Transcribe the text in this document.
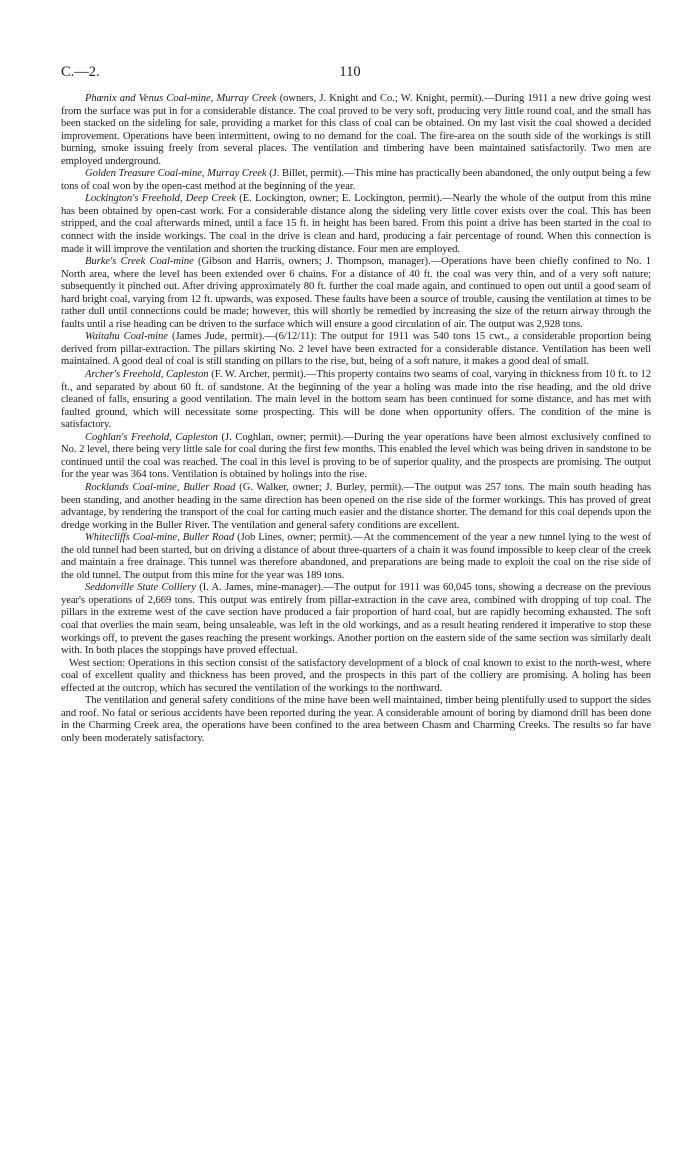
C.—2.	110

Phœnix and Venus Coal-mine, Murray Creek (owners, J. Knight and Co.; W. Knight, permit).—During 1911 a new drive going west from the surface was put in for a considerable distance. The coal proved to be very soft, producing very little round coal, and the small has been stacked on the sideling for sale, providing a market for this class of coal can be obtained. On my last visit the coal showed a decided improvement. Operations have been intermittent, owing to no demand for the coal. The fire-area on the south side of the workings is still burning, smoke issuing freely from several places. The ventilation and timbering have been maintained satisfactorily. Two men are employed underground.

Golden Treasure Coal-mine, Murray Creek (J. Billet, permit).—This mine has practically been abandoned, the only output being a few tons of coal won by the open-cast method at the beginning of the year.

Lockington's Freehold, Deep Creek (E. Lockington, owner; E. Lockington, permit).—Nearly the whole of the output from this mine has been obtained by open-cast work. For a considerable distance along the sideling very little cover exists over the coal. This has been stripped, and the coal afterwards mined, until a face 15 ft. in height has been bared. From this point a drive has been started in the coal to connect with the inside workings. The coal in the drive is clean and hard, producing a fair percentage of round. When this connection is made it will improve the ventilation and shorten the trucking distance. Four men are employed.

Burke's Creek Coal-mine (Gibson and Harris, owners; J. Thompson, manager).—Operations have been chiefly confined to No. 1 North area, where the level has been extended over 6 chains. For a distance of 40 ft. the coal was very thin, and of a very soft nature; subsequently it pinched out. After driving approximately 80 ft. further the coal made again, and continued to open out until a good seam of hard bright coal, varying from 12 ft. upwards, was exposed. These faults have been a source of trouble, causing the ventilation at times to be rather dull until connections could be made; however, this will shortly be remedied by increasing the size of the return airway through the faults until a rise heading can be driven to the surface which will ensure a good circulation of air. The output was 2,928 tons.

Waitahu Coal-mine (James Jude, permit).—(6/12/11): The output for 1911 was 540 tons 15 cwt., a considerable proportion being derived from pillar-extraction. The pillars skirting No. 2 level have been extracted for a considerable distance. Ventilation has been well maintained. A good deal of coal is still standing on pillars to the rise, but, being of a soft nature, it makes a good deal of small.

Archer's Freehold, Capleston (F. W. Archer, permit).—This property contains two seams of coal, varying in thickness from 10 ft. to 12 ft., and separated by about 60 ft. of sandstone. At the beginning of the year a holing was made into the rise heading, and the old drive cleaned of falls, ensuring a good ventilation. The main level in the bottom seam has been continued for some distance, and has met with faulted ground, which will necessitate some prospecting. This will be done when opportunity offers. The condition of the mine is satisfactory.

Coghlan's Freehold, Capleston (J. Coghlan, owner; permit).—During the year operations have been almost exclusively confined to No. 2 level, there being very little sale for coal during the first few months. This enabled the level which was being driven in sandstone to be continued until the coal was reached. The coal in this level is proving to be of superior quality, and the prospects are promising. The output for the year was 364 tons. Ventilation is obtained by holings into the rise.

Rocklands Coal-mine, Buller Road (G. Walker, owner; J. Burley, permit).—The output was 257 tons. The main south heading has been standing, and another heading in the same direction has been opened on the rise side of the former workings. This has proved of great advantage, by rendering the transport of the coal for carting much easier and the distance shorter. The demand for this coal depends upon the dredge working in the Buller River. The ventilation and general safety conditions are excellent.

Whitecliffs Coal-mine, Buller Road (Job Lines, owner; permit).—At the commencement of the year a new tunnel lying to the west of the old tunnel had been started, but on driving a distance of about three-quarters of a chain it was found impossible to keep clear of the creek and maintain a free drainage. This tunnel was therefore abandoned, and preparations are being made to exploit the coal on the rise side of the old tunnel. The output from this mine for the year was 189 tons.

Seddonville State Colliery (I. A. James, mine-manager).—The output for 1911 was 60,045 tons, showing a decrease on the previous year's operations of 2,669 tons. This output was entirely from pillar-extraction in the cave area, combined with dropping of top coal. The pillars in the extreme west of the cave section have produced a fair proportion of hard coal, but are rapidly becoming exhausted. The soft coal that overlies the main seam, being unsaleable, was left in the old workings, and as a result heating rendered it imperative to stop these workings off, to prevent the gases reaching the present workings. Another portion on the eastern side of the same section was similarly dealt with. In both places the stoppings have proved effectual.

West section: Operations in this section consist of the satisfactory development of a block of coal known to exist to the north-west, where coal of excellent quality and thickness has been proved, and the prospects in this part of the colliery are promising. A holing has been effected at the outcrop, which has secured the ventilation of the workings to the northward.

The ventilation and general safety conditions of the mine have been well maintained, timber being plentifully used to support the sides and roof. No fatal or serious accidents have been reported during the year. A considerable amount of boring by diamond drill has been done in the Charming Creek area, the operations have been confined to the area between Chasm and Charming Creeks. The results so far have only been moderately satisfactory.
